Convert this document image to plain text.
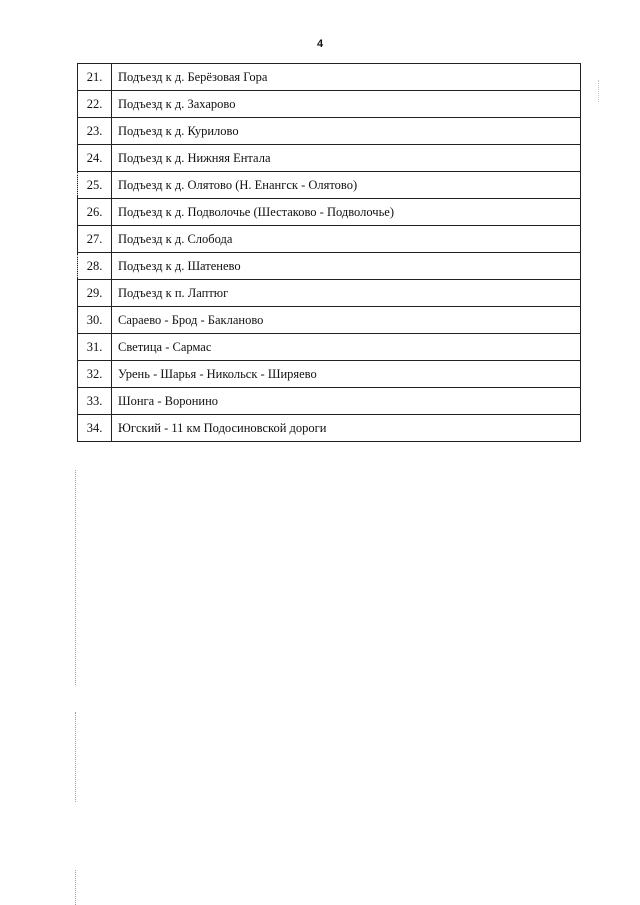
4
21.	Подъезд к д. Берёзовая Гора
22.	Подъезд к д. Захарово
23.	Подъезд к д. Курилово
24.	Подъезд к д. Нижняя Ентала
25.	Подъезд к д. Олятово (Н. Енангск - Олятово)
26.	Подъезд к д. Подволочье (Шестаково - Подволочье)
27.	Подъезд к д. Слобода
28.	Подъезд к д. Шатенево
29.	Подъезд к п. Лаптюг
30.	Сараево - Брод - Бакланово
31.	Светица - Сармас
32.	Урень - Шарья - Никольск - Ширяево
33.	Шонга - Воронино
34.	Югский - 11 км Подосиновской дороги
